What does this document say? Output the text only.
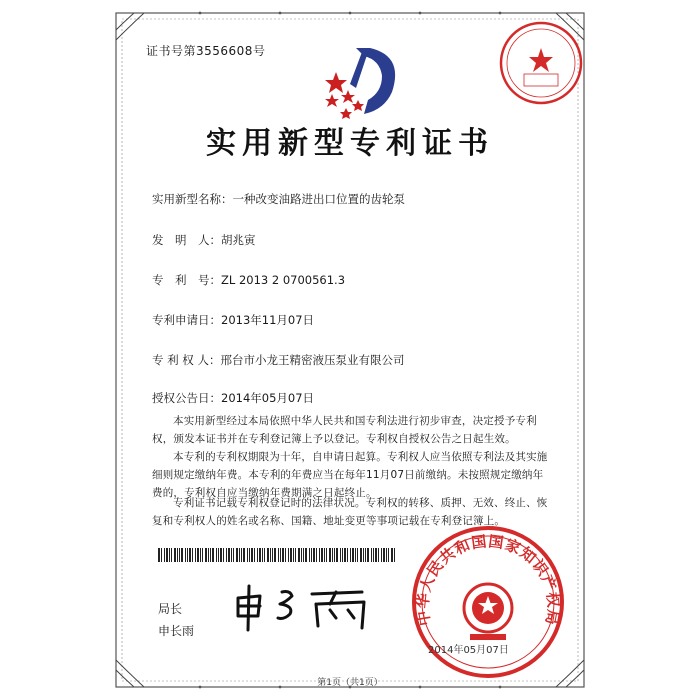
证书号第3556608号
实用新型专利证书
实用新型名称：一种改变油路进出口位置的齿轮泵
发　明　人：胡兆寅
专　利　号：ZL 2013 2 0700561.3
专利申请日：2013年11月07日
专 利 权 人：邢台市小龙王精密液压泵业有限公司
授权公告日：2014年05月07日
本实用新型经过本局依照中华人民共和国专利法进行初步审查，决定授予专利权，颁发本证书并在专利登记簿上予以登记。专利权自授权公告之日起生效。
本专利的专利权期限为十年，自申请日起算。专利权人应当依照专利法及其实施细则规定缴纳年费。本专利的年费应当在每年11月07日前缴纳。未按照规定缴纳年费的，专利权自应当缴纳年费期满之日起终止。
专利证书记载专利权登记时的法律状况。专利权的转移、质押、无效、终止、恢复和专利权人的姓名或名称、国籍、地址变更等事项记载在专利登记簿上。
局长
申长雨
中华人民共和国国家知识产权局
2014年05月07日
第1页（共1页）
